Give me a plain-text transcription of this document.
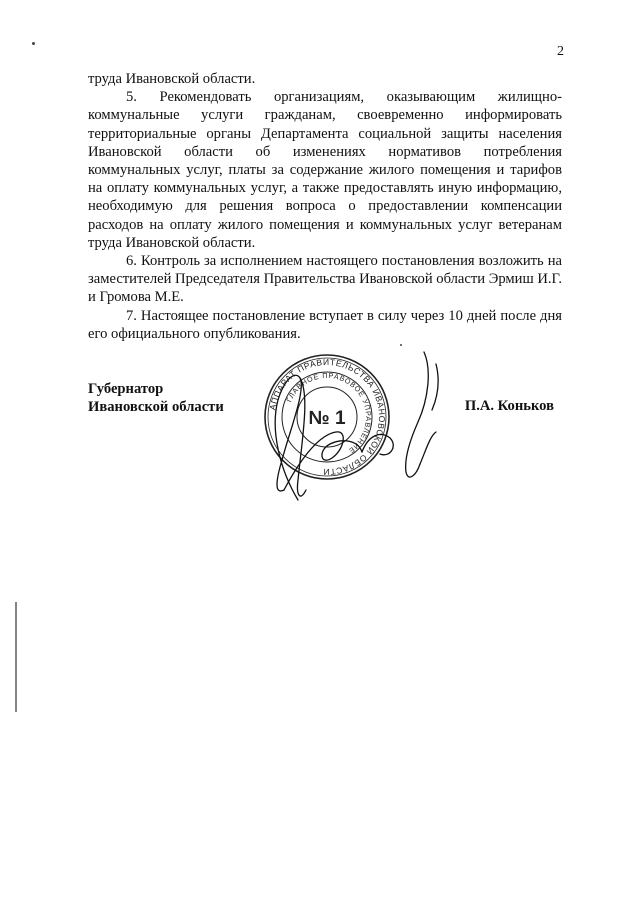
2

труда Ивановской области.

5. Рекомендовать организациям, оказывающим жилищно-коммунальные услуги гражданам, своевременно информировать территориальные органы Департамента социальной защиты населения Ивановской области об изменениях нормативов потребления коммунальных услуг, платы за содержание жилого помещения и тарифов на оплату коммунальных услуг, а также предоставлять иную информацию, необходимую для решения вопроса о предоставлении компенсации расходов на оплату жилого помещения и коммунальных услуг ветеранам труда Ивановской области.

6. Контроль за исполнением настоящего постановления возложить на заместителей Председателя Правительства Ивановской области Эрмиш И.Г. и Громова М.Е.

7. Настоящее постановление вступает в силу через 10 дней после дня его официального опубликования.

Губернатор
Ивановской области	П.А. Коньков
АППАРАТ ПРАВИТЕЛЬСТВА ИВАНОВСКОЙ ОБЛАСТИ
ГЛАВНОЕ ПРАВОВОЕ УПРАВЛЕНИЕ
№ 1
